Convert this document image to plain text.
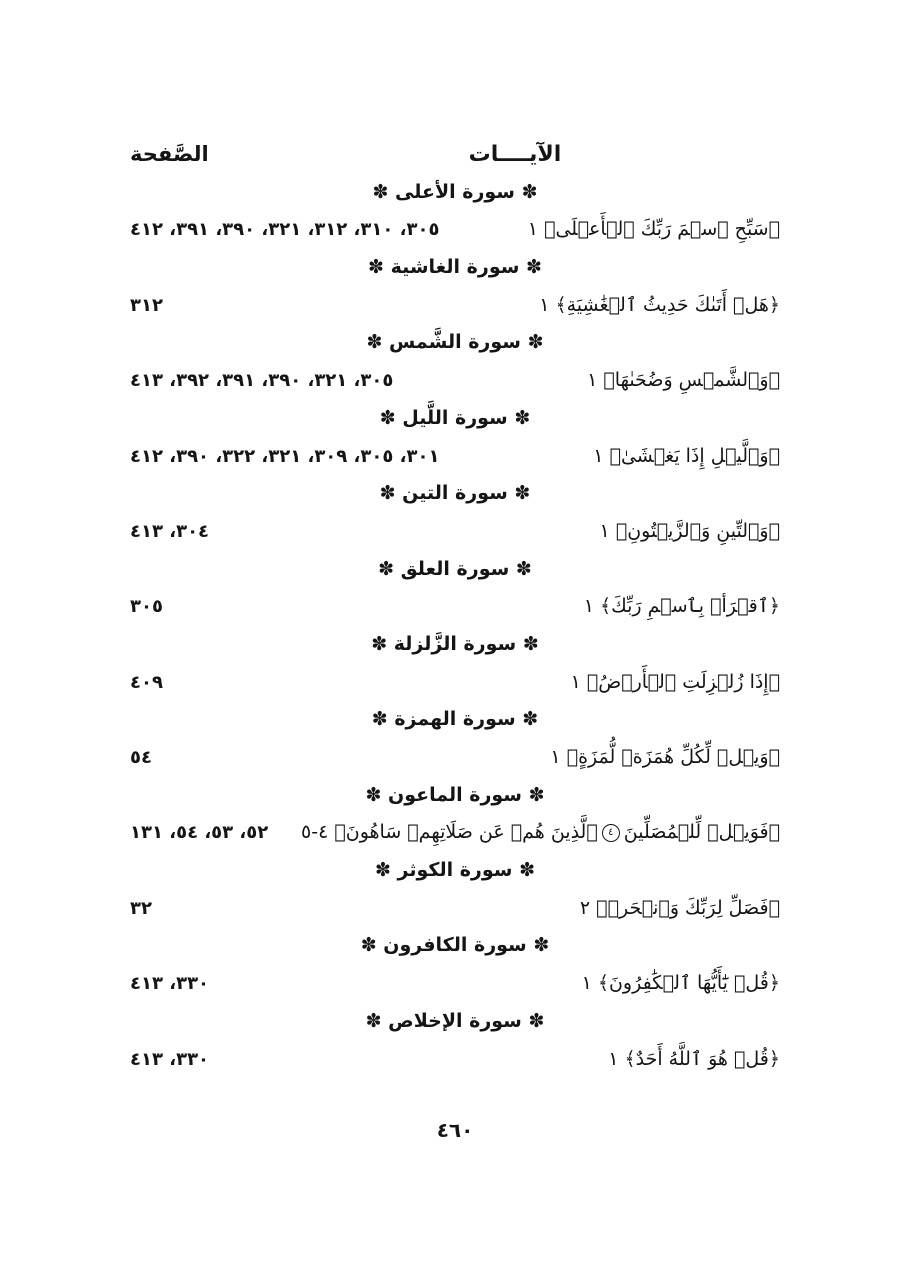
الآيــــات
الصَّفحة
✽ سورة الأعلى ✽
﴿سَبِّحِ ٱسۡمَ رَبِّكَ ٱلۡأَعۡلَى﴾ ١
٣٠٥، ٣١٠، ٣١٢، ٣٢١، ٣٩٠، ٣٩١، ٤١٢
✽ سورة الغاشية ✽
﴿هَلۡ أَتَىٰكَ حَدِيثُ ٱلۡغَٰشِيَةِ﴾ ١
٣١٢
✽ سورة الشَّمس ✽
﴿وَٱلشَّمۡسِ وَضُحَىٰهَا﴾ ١
٣٠٥، ٣٢١، ٣٩٠، ٣٩١، ٣٩٢، ٤١٣
✽ سورة اللَّيل ✽
﴿وَٱلَّيۡلِ إِذَا يَغۡشَىٰ﴾ ١
٣٠١، ٣٠٥، ٣٠٩، ٣٢١، ٣٢٢، ٣٩٠، ٤١٢
✽ سورة التين ✽
﴿وَٱلتِّينِ وَٱلزَّيۡتُونِ﴾ ١
٣٠٤، ٤١٣
✽ سورة العلق ✽
﴿ٱقۡرَأۡ بِٱسۡمِ رَبِّكَ﴾ ١
٣٠٥
✽ سورة الزَّلزلة ✽
﴿إِذَا زُلۡزِلَتِ ٱلۡأَرۡضُ﴾ ١
٤٠٩
✽ سورة الهمزة ✽
﴿وَيۡلٞ لِّكُلِّ هُمَزَةٖ لُّمَزَةٍ﴾ ١
٥٤
✽ سورة الماعون ✽
﴿فَوَيۡلٞ لِّلۡمُصَلِّينَ٤ٱلَّذِينَ هُمۡ عَن صَلَاتِهِمۡ سَاهُونَ﴾ ٤-٥
٥٢، ٥٣، ٥٤، ١٣١
✽ سورة الكوثر ✽
﴿فَصَلِّ لِرَبِّكَ وَٱنۡحَرۡ﴾ ٢
٣٢
✽ سورة الكافرون ✽
﴿قُلۡ يَٰٓأَيُّهَا ٱلۡكَٰفِرُونَ﴾ ١
٣٣٠، ٤١٣
✽ سورة الإخلاص ✽
﴿قُلۡ هُوَ ٱللَّهُ أَحَدٌ﴾ ١
٣٣٠، ٤١٣
٤٦٠
